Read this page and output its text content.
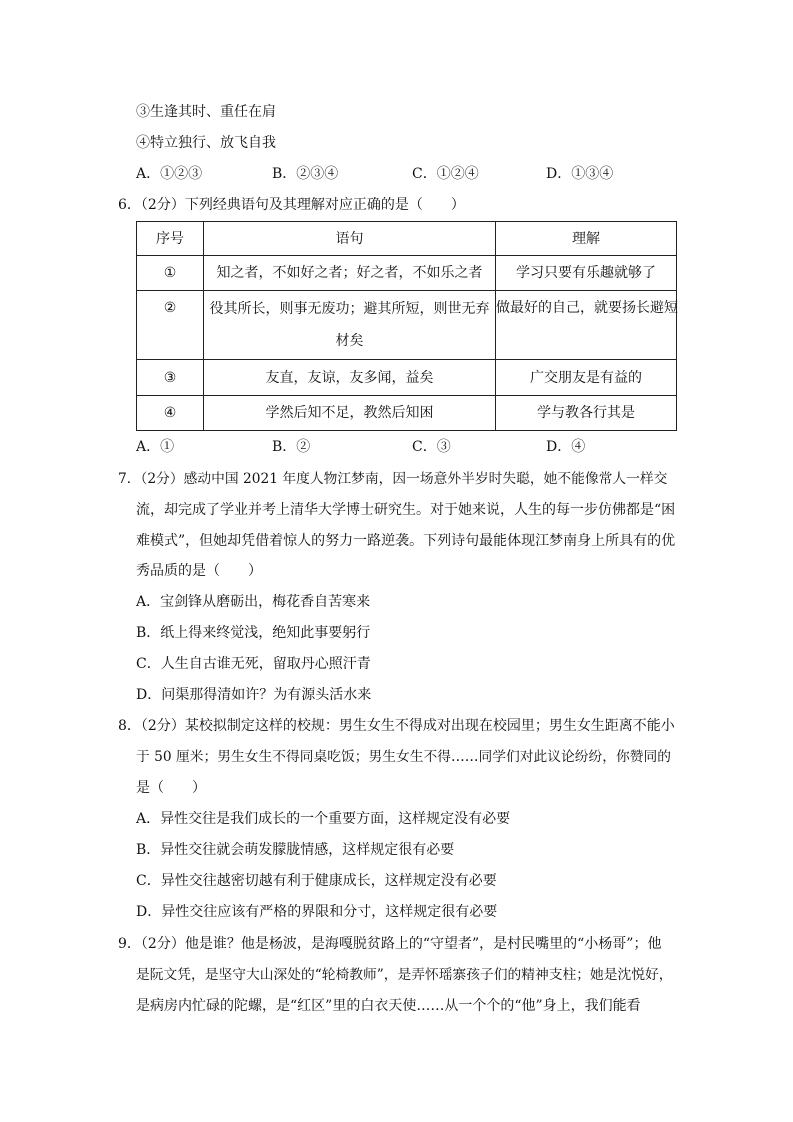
③生逢其时、重任在肩
④特立独行、放飞自我
A．①②③	B．②③④	C．①②④	D．①③④
6．（2分）下列经典语句及其理解对应正确的是（　　）
序号	语句	理解
①	知之者，不如好之者；好之者，不如乐之者	学习只要有乐趣就够了
②	役其所长，则事无废功；避其所短，则世无弃材矣	做最好的自己，就要扬长避短
③	友直，友谅，友多闻，益矣	广交朋友是有益的
④	学然后知不足，教然后知困	学与教各行其是
A．①	B．②	C．③	D．④
7．（2分）感动中国 2021 年度人物江梦南，因一场意外半岁时失聪，她不能像常人一样交
流，却完成了学业并考上清华大学博士研究生。对于她来说，人生的每一步仿佛都是“困
难模式”，但她却凭借着惊人的努力一路逆袭。下列诗句最能体现江梦南身上所具有的优
秀品质的是（　　）
A．宝剑锋从磨砺出，梅花香自苦寒来
B．纸上得来终觉浅，绝知此事要躬行
C．人生自古谁无死，留取丹心照汗青
D．问渠那得清如许？为有源头活水来
8．（2分）某校拟制定这样的校规：男生女生不得成对出现在校园里；男生女生距离不能小
于 50 厘米；男生女生不得同桌吃饭；男生女生不得……同学们对此议论纷纷，你赞同的
是（　　）
A．异性交往是我们成长的一个重要方面，这样规定没有必要
B．异性交往就会萌发朦胧情感，这样规定很有必要
C．异性交往越密切越有利于健康成长，这样规定没有必要
D．异性交往应该有严格的界限和分寸，这样规定很有必要
9．（2分）他是谁？他是杨波，是海嘎脱贫路上的“守望者”，是村民嘴里的“小杨哥”；他
是阮文凭，是坚守大山深处的“轮椅教师”，是弄怀瑶寨孩子们的精神支柱；她是沈悦好，
是病房内忙碌的陀螺，是“红区”里的白衣天使……从一个个的“他”身上，我们能看
